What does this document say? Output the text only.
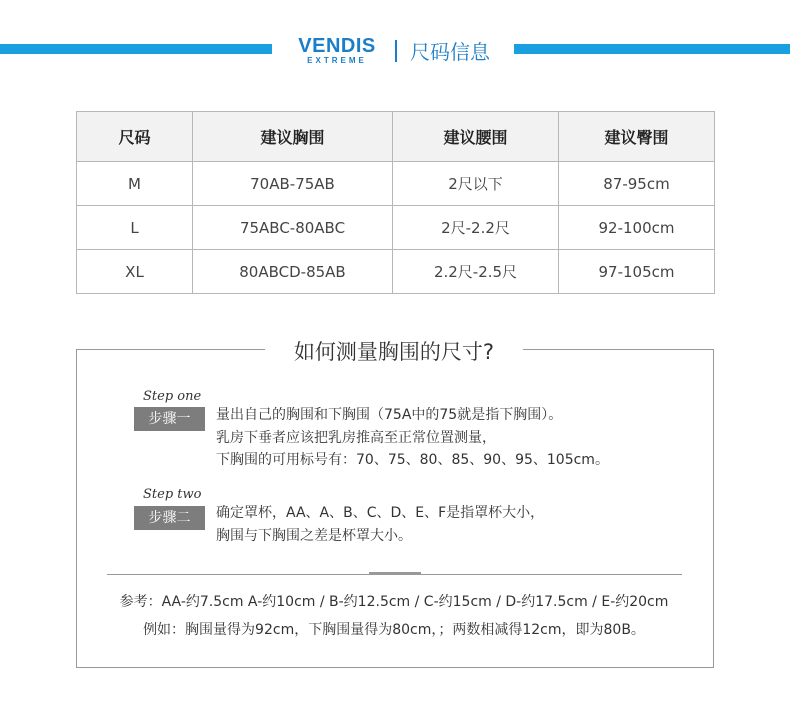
VENDIS
EXTREME	尺码信息
尺码	建议胸围	建议腰围	建议臀围
M	70AB-75AB	2尺以下	87-95cm
L	75ABC-80ABC	2尺-2.2尺	92-100cm
XL	80ABCD-85AB	2.2尺-2.5尺	97-105cm
如何测量胸围的尺寸?
Step one
步骤一	量出自己的胸围和下胸围（75A中的75就是指下胸围）。
乳房下垂者应该把乳房推高至正常位置测量，
下胸围的可用标号有：70、75、80、85、90、95、105cm。
Step two
步骤二	确定罩杯，AA、A、B、C、D、E、F是指罩杯大小，
胸围与下胸围之差是杯罩大小。
参考：AA-约7.5cm A-约10cm / B-约12.5cm / C-约15cm / D-约17.5cm / E-约20cm
例如：胸围量得为92cm，下胸围量得为80cm，；两数相减得12cm，即为80B。
